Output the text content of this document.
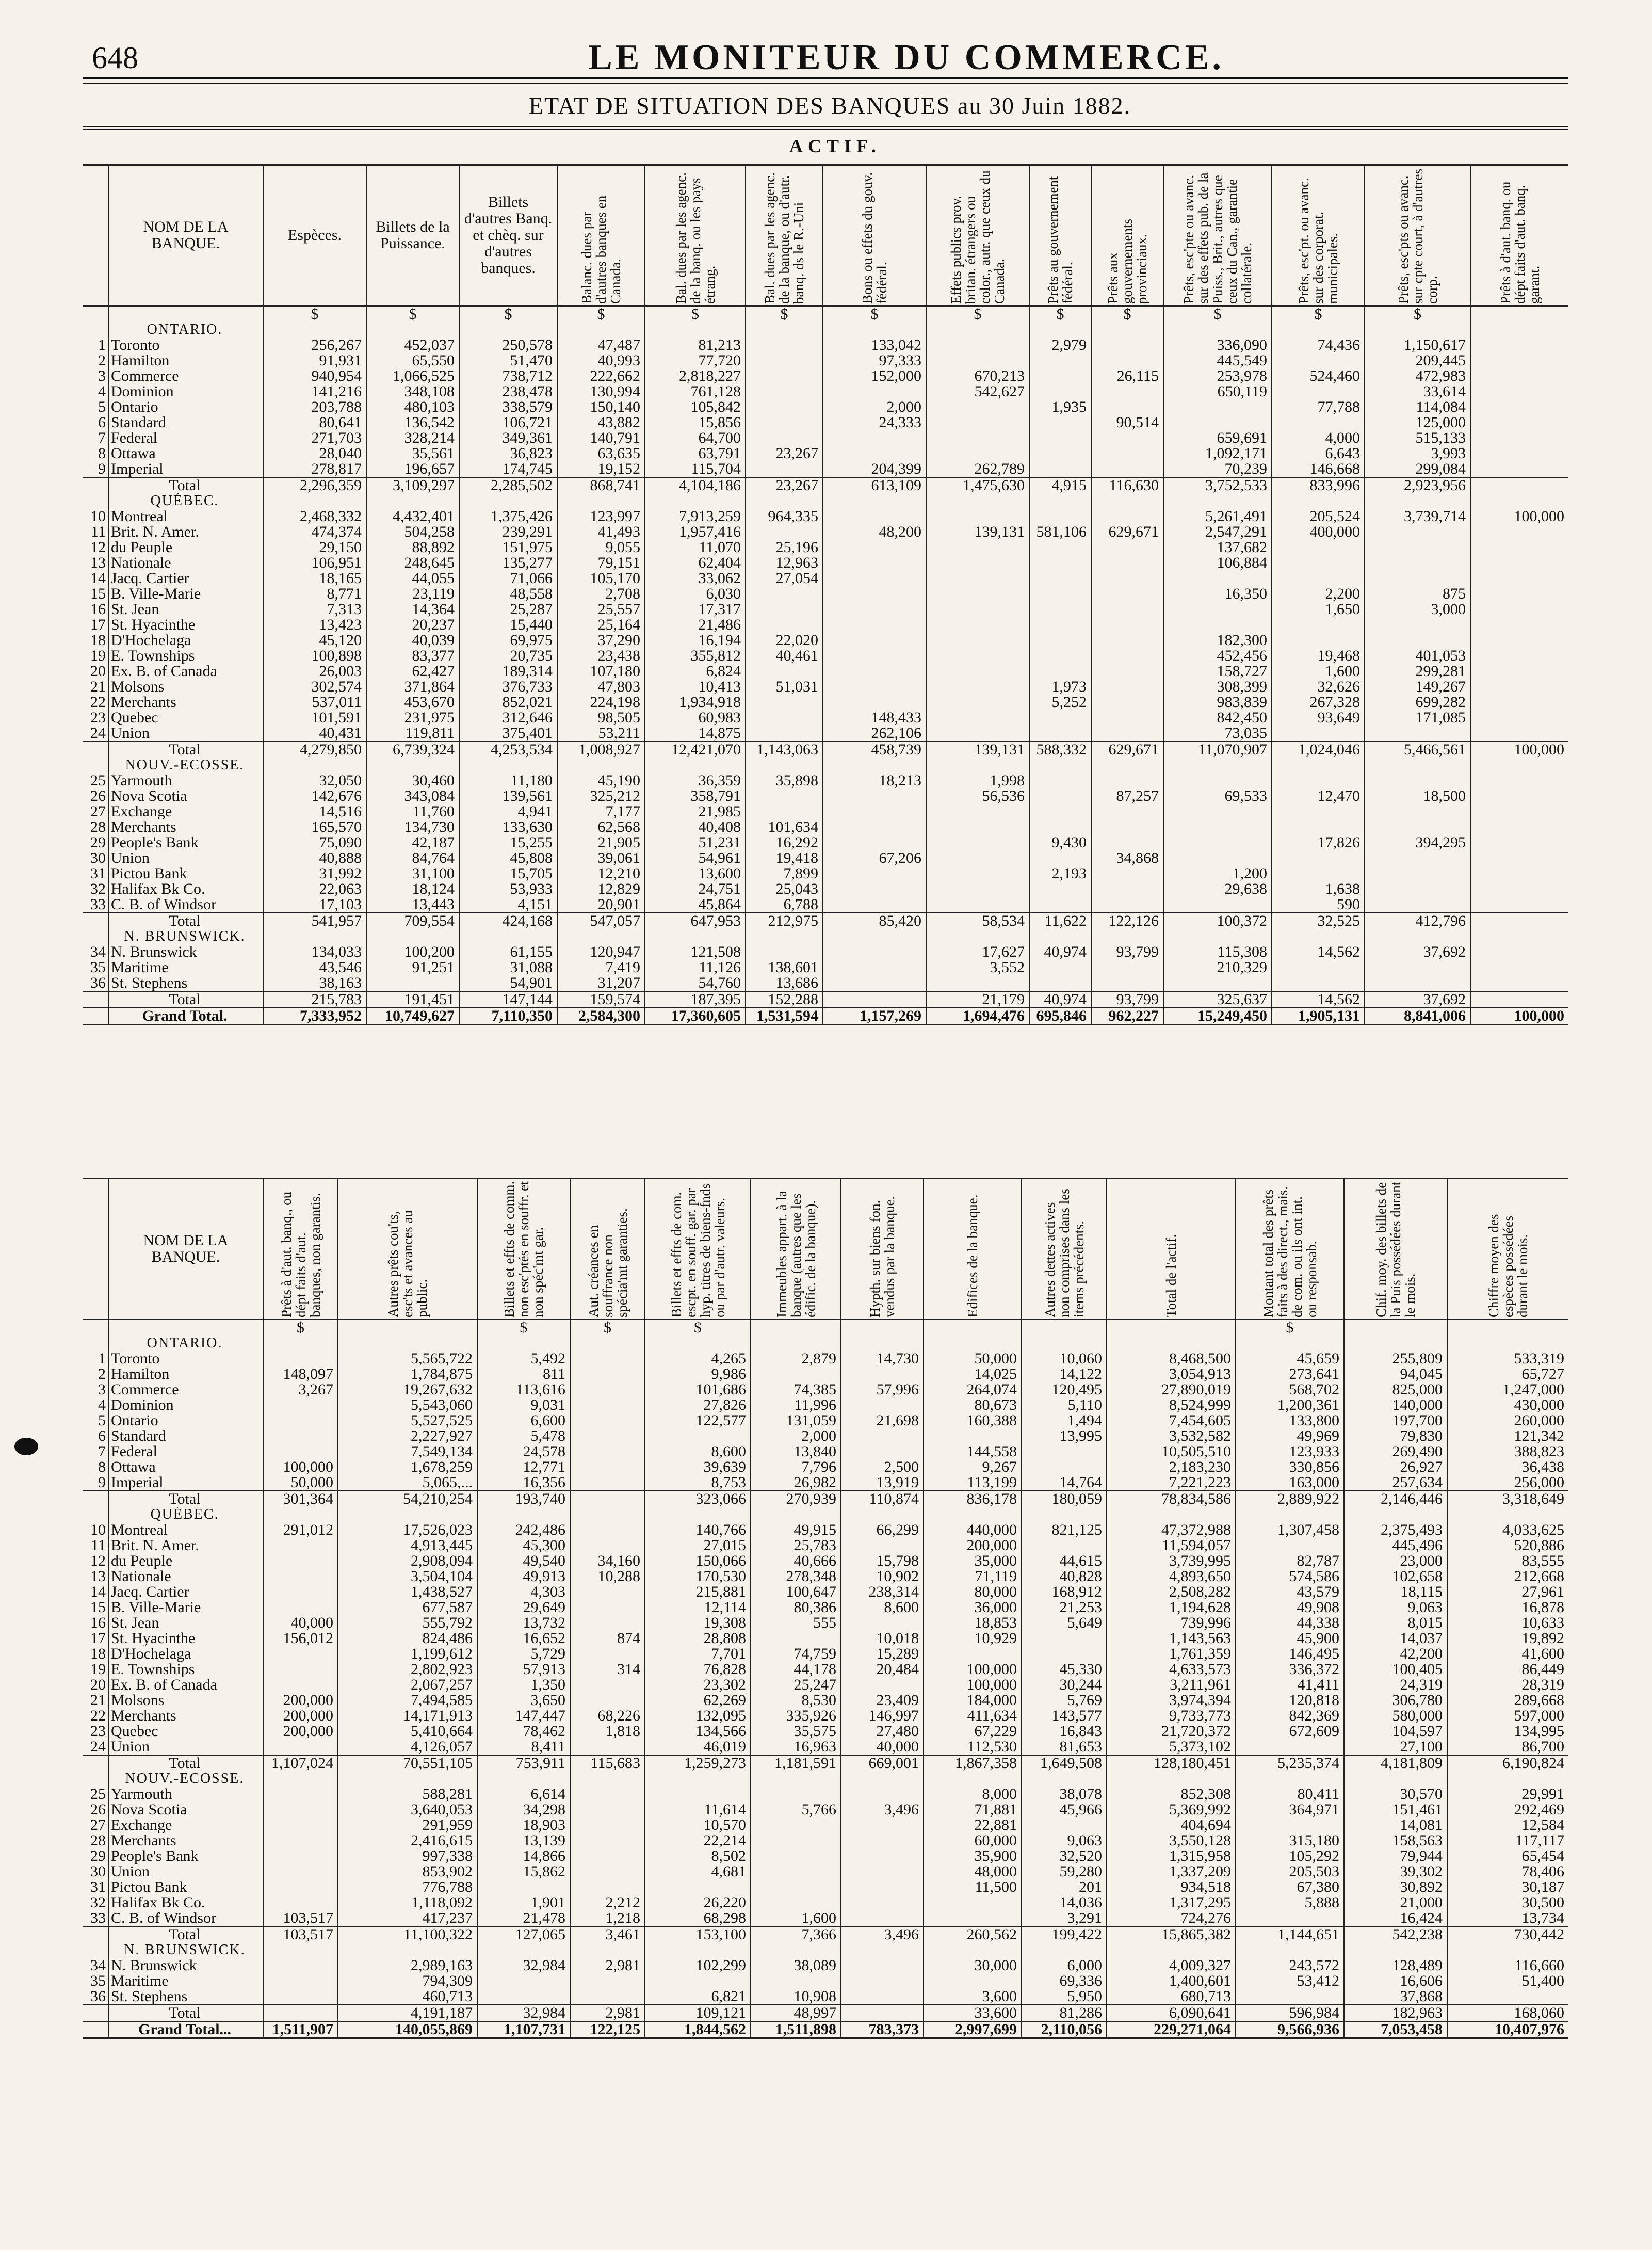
648	LE MONITEUR DU COMMERCE.
ETAT DE SITUATION DES BANQUES au 30 Juin 1882.
ACTIF.
	NOM DE LA BANQUE.	Espèces.	Billets de la Puissance.	Billets d'autres Banq. et chèq. sur d'autres banques.	Balanc. dues par d'autres banques en Canada.	Bal. dues par les agenc. de la banq. ou les pays étrang.	Bal. dues par les agenc. de la banque, ou d'autr. banq. ds le R.-Uni	Bons ou effets du gouv. fédéral.	Effets publics prov. britan. étrangers ou color., autr. que ceux du Canada.	Prêts au gouvernement fédéral.	Prêts aux gouvernements provinciaux.	Prêts, esc'pte ou avanc. sur des effets pub. de la Puiss., Brit., autres que ceux du Can., garantie collatérale.	Prêts, esc'pt. ou avanc. sur des corporat. municipales.	Prêts, esc'pts ou avanc. sur cpte court, à d'autres corp.	Prêts à d'aut. banq. ou dépt faits d'aut. banq. garant.

		$	$	$	$	$	$	$	$	$	$	$	$	$	
	ONTARIO.														
1	Toronto	256,267	452,037	250,578	47,487	81,213		133,042		2,979		336,090	74,436	1,150,617	
2	Hamilton	91,931	65,550	51,470	40,993	77,720		97,333				445,549		209,445	
3	Commerce	940,954	1,066,525	738,712	222,662	2,818,227		152,000	670,213		26,115	253,978	524,460	472,983	
4	Dominion	141,216	348,108	238,478	130,994	761,128			542,627			650,119		33,614	
5	Ontario	203,788	480,103	338,579	150,140	105,842		2,000		1,935			77,788	114,084	
6	Standard	80,641	136,542	106,721	43,882	15,856		24,333			90,514			125,000	
7	Federal	271,703	328,214	349,361	140,791	64,700						659,691	4,000	515,133	
8	Ottawa	28,040	35,561	36,823	63,635	63,791	23,267					1,092,171	6,643	3,993	
9	Imperial	278,817	196,657	174,745	19,152	115,704		204,399	262,789			70,239	146,668	299,084	
	Total	2,296,359	3,109,297	2,285,502	868,741	4,104,186	23,267	613,109	1,475,630	4,915	116,630	3,752,533	833,996	2,923,956	
	QUÉBEC.														
10	Montreal	2,468,332	4,432,401	1,375,426	123,997	7,913,259	964,335					5,261,491	205,524	3,739,714	100,000
11	Brit. N. Amer.	474,374	504,258	239,291	41,493	1,957,416		48,200	139,131	581,106	629,671	2,547,291	400,000		
12	du Peuple	29,150	88,892	151,975	9,055	11,070	25,196					137,682			
13	Nationale	106,951	248,645	135,277	79,151	62,404	12,963					106,884			
14	Jacq. Cartier	18,165	44,055	71,066	105,170	33,062	27,054								
15	B. Ville-Marie	8,771	23,119	48,558	2,708	6,030						16,350	2,200	875	
16	St. Jean	7,313	14,364	25,287	25,557	17,317							1,650	3,000	
17	St. Hyacinthe	13,423	20,237	15,440	25,164	21,486									
18	D'Hochelaga	45,120	40,039	69,975	37,290	16,194	22,020					182,300			
19	E. Townships	100,898	83,377	20,735	23,438	355,812	40,461					452,456	19,468	401,053	
20	Ex. B. of Canada	26,003	62,427	189,314	107,180	6,824						158,727	1,600	299,281	
21	Molsons	302,574	371,864	376,733	47,803	10,413	51,031			1,973		308,399	32,626	149,267	
22	Merchants	537,011	453,670	852,021	224,198	1,934,918				5,252		983,839	267,328	699,282	
23	Quebec	101,591	231,975	312,646	98,505	60,983		148,433				842,450	93,649	171,085	
24	Union	40,431	119,811	375,401	53,211	14,875		262,106				73,035			
	Total	4,279,850	6,739,324	4,253,534	1,008,927	12,421,070	1,143,063	458,739	139,131	588,332	629,671	11,070,907	1,024,046	5,466,561	100,000
	NOUV.-ECOSSE.														
25	Yarmouth	32,050	30,460	11,180	45,190	36,359	35,898	18,213	1,998						
26	Nova Scotia	142,676	343,084	139,561	325,212	358,791			56,536		87,257	69,533	12,470	18,500	
27	Exchange	14,516	11,760	4,941	7,177	21,985									
28	Merchants	165,570	134,730	133,630	62,568	40,408	101,634								
29	People's Bank	75,090	42,187	15,255	21,905	51,231	16,292			9,430			17,826	394,295	
30	Union	40,888	84,764	45,808	39,061	54,961	19,418	67,206			34,868				
31	Pictou Bank	31,992	31,100	15,705	12,210	13,600	7,899			2,193		1,200			
32	Halifax Bk Co.	22,063	18,124	53,933	12,829	24,751	25,043					29,638	1,638		
33	C. B. of Windsor	17,103	13,443	4,151	20,901	45,864	6,788						590		
	Total	541,957	709,554	424,168	547,057	647,953	212,975	85,420	58,534	11,622	122,126	100,372	32,525	412,796	
	N. BRUNSWICK.														
34	N. Brunswick	134,033	100,200	61,155	120,947	121,508			17,627	40,974	93,799	115,308	14,562	37,692	
35	Maritime	43,546	91,251	31,088	7,419	11,126	138,601		3,552			210,329			
36	St. Stephens	38,163		54,901	31,207	54,760	13,686								
	Total	215,783	191,451	147,144	159,574	187,395	152,288		21,179	40,974	93,799	325,637	14,562	37,692	
	Grand Total.	7,333,952	10,749,627	7,110,350	2,584,300	17,360,605	1,531,594	1,157,269	1,694,476	695,846	962,227	15,249,450	1,905,131	8,841,006	100,000
	NOM DE LA BANQUE.	Prêts à d'aut. banq., ou dépt faits d'aut. banques, non garantis.	Autres prêts cou'ts, esc'ts et avances au public.	Billets et effts de comm. non esc'ptés en souffr. et non spéc'mt gar.	Aut. créances en souffrance non spécia'mt garanties.	Billets et effts de com. escpt. en souff. gar. par hyp. titres de biens-fnds ou par d'autr. valeurs.	Immeubles appart. à la banque (autres que les édific. de la banque).	Hypth. sur biens fon. vendus par la banque.	Edifices de la banque.	Autres dettes actives non comprises dans les items précédents.	Total de l'actif.	Montant total des prêts faits à des direct., mais. de com. ou ils ont int. ou responsab.	Chif. moy. des billets de la Puis possédées durant le mois.	Chiffre moyen des espèces possédées durant le mois.

		$		$	$	$						$		
	ONTARIO.													
1	Toronto		5,565,722	5,492		4,265	2,879	14,730	50,000	10,060	8,468,500	45,659	255,809	533,319
2	Hamilton	148,097	1,784,875	811		9,986			14,025	14,122	3,054,913	273,641	94,045	65,727
3	Commerce	3,267	19,267,632	113,616		101,686	74,385	57,996	264,074	120,495	27,890,019	568,702	825,000	1,247,000
4	Dominion		5,543,060	9,031		27,826	11,996		80,673	5,110	8,524,999	1,200,361	140,000	430,000
5	Ontario		5,527,525	6,600		122,577	131,059	21,698	160,388	1,494	7,454,605	133,800	197,700	260,000
6	Standard		2,227,927	5,478			2,000			13,995	3,532,582	49,969	79,830	121,342
7	Federal		7,549,134	24,578		8,600	13,840		144,558		10,505,510	123,933	269,490	388,823
8	Ottawa	100,000	1,678,259	12,771		39,639	7,796	2,500	9,267		2,183,230	330,856	26,927	36,438
9	Imperial	50,000	5,065,...	16,356		8,753	26,982	13,919	113,199	14,764	7,221,223	163,000	257,634	256,000
	Total	301,364	54,210,254	193,740		323,066	270,939	110,874	836,178	180,059	78,834,586	2,889,922	2,146,446	3,318,649
	QUÉBEC.													
10	Montreal	291,012	17,526,023	242,486		140,766	49,915	66,299	440,000	821,125	47,372,988	1,307,458	2,375,493	4,033,625
11	Brit. N. Amer.		4,913,445	45,300		27,015	25,783		200,000		11,594,057		445,496	520,886
12	du Peuple		2,908,094	49,540	34,160	150,066	40,666	15,798	35,000	44,615	3,739,995	82,787	23,000	83,555
13	Nationale		3,504,104	49,913	10,288	170,530	278,348	10,902	71,119	40,828	4,893,650	574,586	102,658	212,668
14	Jacq. Cartier		1,438,527	4,303		215,881	100,647	238,314	80,000	168,912	2,508,282	43,579	18,115	27,961
15	B. Ville-Marie		677,587	29,649		12,114	80,386	8,600	36,000	21,253	1,194,628	49,908	9,063	16,878
16	St. Jean	40,000	555,792	13,732		19,308	555		18,853	5,649	739,996	44,338	8,015	10,633
17	St. Hyacinthe	156,012	824,486	16,652	874	28,808		10,018	10,929		1,143,563	45,900	14,037	19,892
18	D'Hochelaga		1,199,612	5,729		7,701	74,759	15,289			1,761,359	146,495	42,200	41,600
19	E. Townships		2,802,923	57,913	314	76,828	44,178	20,484	100,000	45,330	4,633,573	336,372	100,405	86,449
20	Ex. B. of Canada		2,067,257	1,350		23,302	25,247		100,000	30,244	3,211,961	41,411	24,319	28,319
21	Molsons	200,000	7,494,585	3,650		62,269	8,530	23,409	184,000	5,769	3,974,394	120,818	306,780	289,668
22	Merchants	200,000	14,171,913	147,447	68,226	132,095	335,926	146,997	411,634	143,577	9,733,773	842,369	580,000	597,000
23	Quebec	200,000	5,410,664	78,462	1,818	134,566	35,575	27,480	67,229	16,843	21,720,372	672,609	104,597	134,995
24	Union		4,126,057	8,411		46,019	16,963	40,000	112,530	81,653	5,373,102		27,100	86,700
	Total	1,107,024	70,551,105	753,911	115,683	1,259,273	1,181,591	669,001	1,867,358	1,649,508	128,180,451	5,235,374	4,181,809	6,190,824
	NOUV.-ECOSSE.													
25	Yarmouth		588,281	6,614					8,000	38,078	852,308	80,411	30,570	29,991
26	Nova Scotia		3,640,053	34,298		11,614	5,766	3,496	71,881	45,966	5,369,992	364,971	151,461	292,469
27	Exchange		291,959	18,903		10,570			22,881		404,694		14,081	12,584
28	Merchants		2,416,615	13,139		22,214			60,000	9,063	3,550,128	315,180	158,563	117,117
29	People's Bank		997,338	14,866		8,502			35,900	32,520	1,315,958	105,292	79,944	65,454
30	Union		853,902	15,862		4,681			48,000	59,280	1,337,209	205,503	39,302	78,406
31	Pictou Bank		776,788						11,500	201	934,518	67,380	30,892	30,187
32	Halifax Bk Co.		1,118,092	1,901	2,212	26,220				14,036	1,317,295	5,888	21,000	30,500
33	C. B. of Windsor	103,517	417,237	21,478	1,218	68,298	1,600			3,291	724,276		16,424	13,734
	Total	103,517	11,100,322	127,065	3,461	153,100	7,366	3,496	260,562	199,422	15,865,382	1,144,651	542,238	730,442
	N. BRUNSWICK.													
34	N. Brunswick		2,989,163	32,984	2,981	102,299	38,089		30,000	6,000	4,009,327	243,572	128,489	116,660
35	Maritime		794,309							69,336	1,400,601	53,412	16,606	51,400
36	St. Stephens		460,713			6,821	10,908		3,600	5,950	680,713		37,868	
	Total		4,191,187	32,984	2,981	109,121	48,997		33,600	81,286	6,090,641	596,984	182,963	168,060
	Grand Total...	1,511,907	140,055,869	1,107,731	122,125	1,844,562	1,511,898	783,373	2,997,699	2,110,056	229,271,064	9,566,936	7,053,458	10,407,976
